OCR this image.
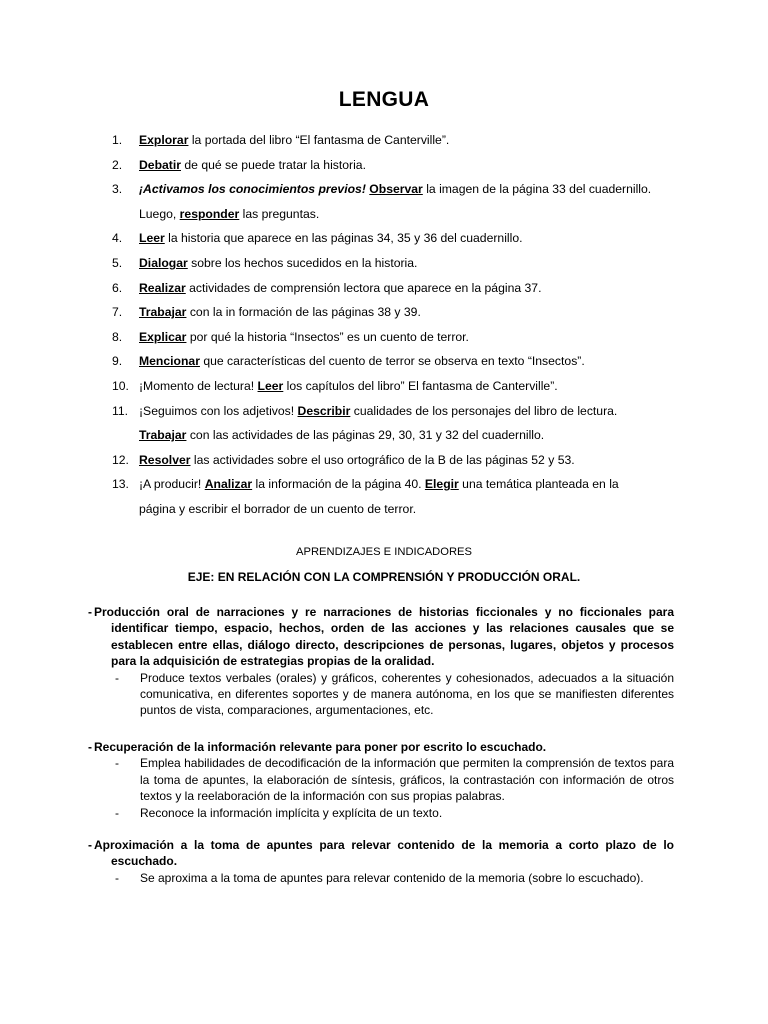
LENGUA
1. Explorar la portada del libro “El fantasma de Canterville”.
2. Debatir de qué se puede tratar la historia.
3. ¡Activamos los conocimientos previos! Observar la imagen de la página 33 del cuadernillo.
Luego, responder las preguntas.
4. Leer la historia que aparece en las páginas 34, 35 y 36 del cuadernillo.
5. Dialogar sobre los hechos sucedidos en la historia.
6. Realizar actividades de comprensión lectora que aparece en la página 37.
7. Trabajar con la in formación de las páginas 38 y 39.
8. Explicar por qué la historia “Insectos” es un cuento de terror.
9. Mencionar que características del cuento de terror se observa en texto “Insectos”.
10. ¡Momento de lectura! Leer los capítulos del libro” El fantasma de Canterville”.
11. ¡Seguimos con los adjetivos! Describir cualidades de los personajes del libro de lectura.
Trabajar con las actividades de las páginas 29, 30, 31 y 32 del cuadernillo.
12. Resolver las actividades sobre el uso ortográfico de la B de las páginas 52 y 53.
13. ¡A producir! Analizar la información de la página 40. Elegir una temática planteada en la
página y escribir el borrador de un cuento de terror.
APRENDIZAJES E INDICADORES
EJE: EN RELACIÓN CON LA COMPRENSIÓN Y PRODUCCIÓN ORAL.
- Producción oral de narraciones y re narraciones de historias ficcionales y no ficcionales para identificar tiempo, espacio, hechos, orden de las acciones y las relaciones causales que se establecen entre ellas, diálogo directo, descripciones de personas, lugares, objetos y procesos para la adquisición de estrategias propias de la oralidad.
- Produce textos verbales (orales) y gráficos, coherentes y cohesionados, adecuados a la situación comunicativa, en diferentes soportes y de manera autónoma, en los que se manifiesten diferentes puntos de vista, comparaciones, argumentaciones, etc.
- Recuperación de la información relevante para poner por escrito lo escuchado.
- Emplea habilidades de decodificación de la información que permiten la comprensión de textos para la toma de apuntes, la elaboración de síntesis, gráficos, la contrastación con información de otros textos y la reelaboración de la información con sus propias palabras.
- Reconoce la información implícita y explícita de un texto.
- Aproximación a la toma de apuntes para relevar contenido de la memoria a corto plazo de lo escuchado.
- Se aproxima a la toma de apuntes para relevar contenido de la memoria (sobre lo escuchado).
